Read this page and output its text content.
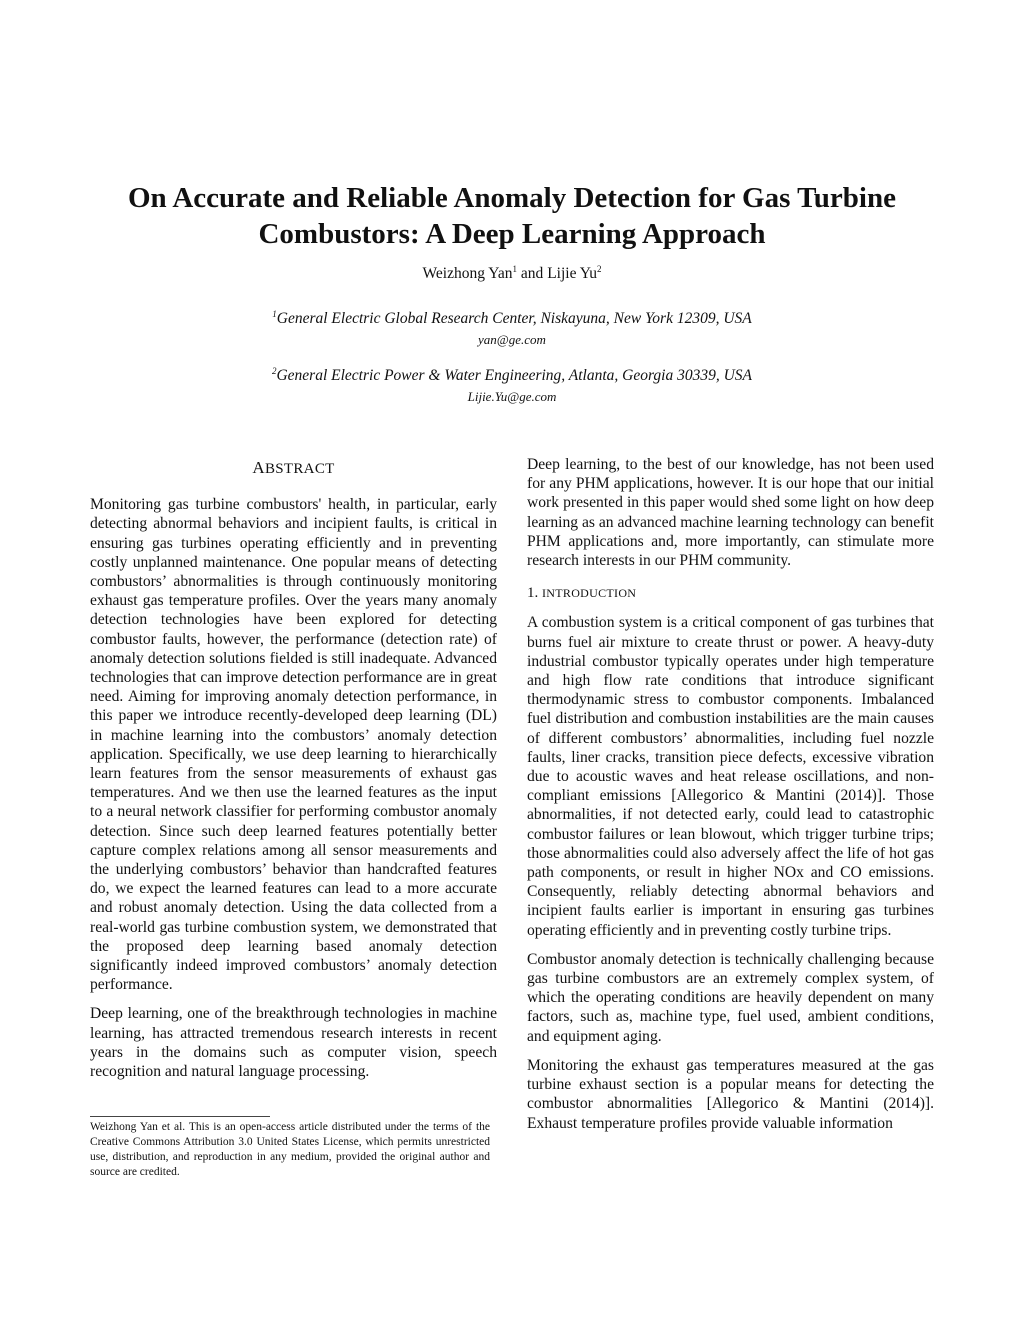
On Accurate and Reliable Anomaly Detection for Gas Turbine Combustors: A Deep Learning Approach
Weizhong Yan$^1$ and Lijie Yu$^2$
$^1$General Electric Global Research Center, Niskayuna, New York 12309, USA
yan@ge.com
$^2$General Electric Power & Water Engineering, Atlanta, Georgia 30339, USA
Lijie.Yu@ge.com
ABSTRACT

Monitoring gas turbine combustors' health, in particular, early detecting abnormal behaviors and incipient faults, is critical in ensuring gas turbines operating efficiently and in preventing costly unplanned maintenance. One popular means of detecting combustors’ abnormalities is through continuously monitoring exhaust gas temperature profiles. Over the years many anomaly detection technologies have been explored for detecting combustor faults, however, the performance (detection rate) of anomaly detection solutions fielded is still inadequate. Advanced technologies that can improve detection performance are in great need. Aiming for improving anomaly detection performance, in this paper we introduce recently-developed deep learning (DL) in machine learning into the combustors’ anomaly detection application. Specifically, we use deep learning to hierarchically learn features from the sensor measurements of exhaust gas temperatures. And we then use the learned features as the input to a neural network classifier for performing combustor anomaly detection. Since such deep learned features potentially better capture complex relations among all sensor measurements and the underlying combustors’ behavior than handcrafted features do, we expect the learned features can lead to a more accurate and robust anomaly detection. Using the data collected from a real-world gas turbine combustion system, we demonstrated that the proposed deep learning based anomaly detection significantly indeed improved combustors’ anomaly detection performance.

Deep learning, one of the breakthrough technologies in machine learning, has attracted tremendous research interests in recent years in the domains such as computer vision, speech recognition and natural language processing.

Weizhong Yan et al. This is an open-access article distributed under the terms of the Creative Commons Attribution 3.0 United States License, which permits unrestricted use, distribution, and reproduction in any medium, provided the original author and source are credited.

Deep learning, to the best of our knowledge, has not been used for any PHM applications, however. It is our hope that our initial work presented in this paper would shed some light on how deep learning as an advanced machine learning technology can benefit PHM applications and, more importantly, can stimulate more research interests in our PHM community.

1. INTRODUCTION

A combustion system is a critical component of gas turbines that burns fuel air mixture to create thrust or power. A heavy-duty industrial combustor typically operates under high temperature and high flow rate conditions that introduce significant thermodynamic stress to combustor components. Imbalanced fuel distribution and combustion instabilities are the main causes of different combustors’ abnormalities, including fuel nozzle faults, liner cracks, transition piece defects, excessive vibration due to acoustic waves and heat release oscillations, and non-compliant emissions [Allegorico & Mantini (2014)]. Those abnormalities, if not detected early, could lead to catastrophic combustor failures or lean blowout, which trigger turbine trips; those abnormalities could also adversely affect the life of hot gas path components, or result in higher NOx and CO emissions. Consequently, reliably detecting abnormal behaviors and incipient faults earlier is important in ensuring gas turbines operating efficiently and in preventing costly turbine trips.

Combustor anomaly detection is technically challenging because gas turbine combustors are an extremely complex system, of which the operating conditions are heavily dependent on many factors, such as, machine type, fuel used, ambient conditions, and equipment aging.

Monitoring the exhaust gas temperatures measured at the gas turbine exhaust section is a popular means for detecting the combustor abnormalities [Allegorico & Mantini (2014)]. Exhaust temperature profiles provide valuable information
